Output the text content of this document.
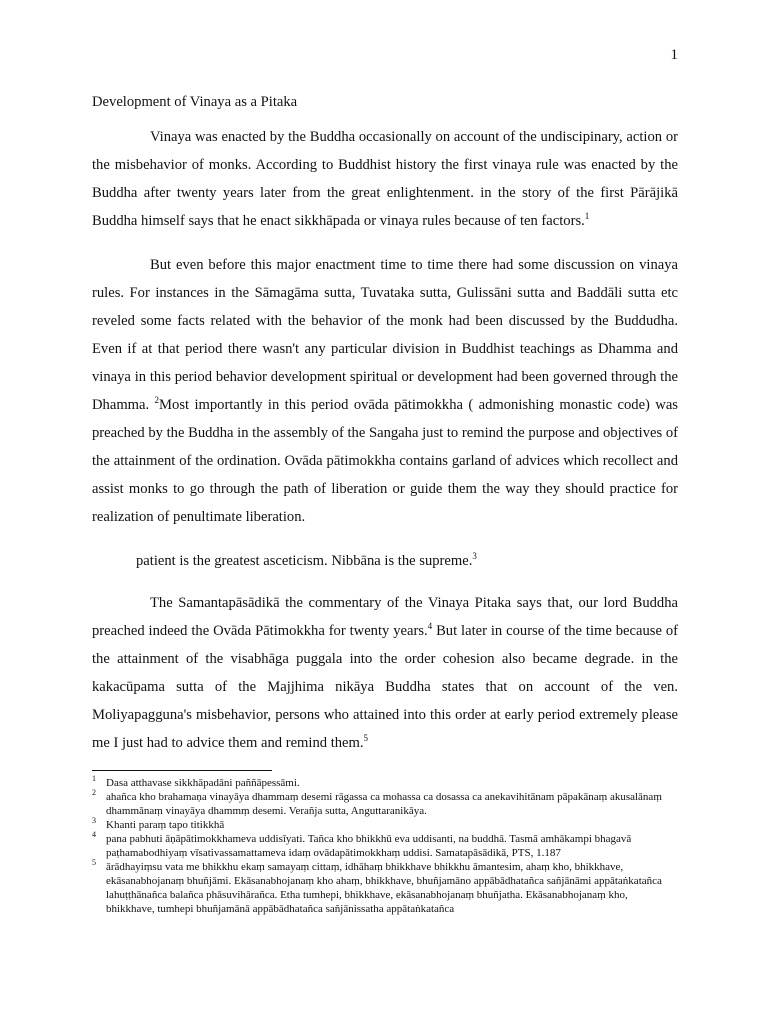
1

Development of Vinaya as a Pitaka

Vinaya was enacted by the Buddha occasionally on account of the undiscipinary, action or the misbehavior of monks. According to Buddhist history the first vinaya rule was enacted by the Buddha after twenty years later from the great enlightenment. in the story of the first Pārājikā Buddha himself says that he enact sikkhāpada or vinaya rules because of ten factors.$^1$

But even before this major enactment time to time there had some discussion on vinaya rules. For instances in the Sāmagāma sutta, Tuvataka sutta, Gulissāni sutta and Baddāli sutta etc reveled some facts related with the behavior of the monk had been discussed by the Buddudha. Even if at that period there wasn't any particular division in Buddhist teachings as Dhamma and vinaya in this period behavior development spiritual or development had been governed through the Dhamma. $^2$Most importantly in this period ovāda pātimokkha ( admonishing monastic code) was preached by the Buddha in the assembly of the Sangaha just to remind the purpose and objectives of the attainment of the ordination. Ovāda pātimokkha contains garland of advices which recollect and assist monks to go through the path of liberation or guide them the way they should practice for realization of penultimate liberation.

patient is the greatest asceticism. Nibbāna is the supreme.$^3$

The Samantapāsādikā the commentary of the Vinaya Pitaka says that, our lord Buddha preached indeed the Ovāda Pātimokkha for twenty years.$^4$ But later in course of the time because of the attainment of the visabhāga puggala into the order cohesion also became degrade. in the kakacūpama sutta of the Majjhima nikāya Buddha states that on account of the ven. Moliyapagguna's misbehavior, persons who attained into this order at early period extremely please me I just had to advice them and remind them.$^5$

$^1$ Dasa atthavase sikkhāpadāni paññāpessāmi.

$^2$ ahañca kho brahamaṇa vinayāya dhammaṃ desemi rāgassa ca mohassa ca dosassa ca anekavihitānam pāpakānaṃ akusalānaṃ dhammānaṃ vinayāya dhammṃ desemi. Verañja sutta, Anguttaranikāya.

$^3$ Khanti paraṃ tapo titikkhā

$^4$ pana pabhuti āṇāpātimokkhameva uddisīyati. Tañca kho bhikkhū eva uddisanti, na buddhā. Tasmā amhākampi bhagavā paṭhamabodhiyaṃ vīsativassamattameva idaṃ ovādapātimokkhaṃ uddisi. Samatapāsādikā, PTS, 1.187

$^5$ ārādhayiṃsu vata me bhikkhu ekaṃ samayaṃ cittaṃ, idhāhaṃ bhikkhave bhikkhu āmantesim, ahaṃ kho, bhikkhave, ekāsanabhojanaṃ bhuñjāmi. Ekāsanabhojanaṃ kho ahaṃ, bhikkhave, bhuñjamāno appābādhatañca sañjānāmi appātaṅkatañca lahuṭṭhānañca balañca phāsuvihārañca. Etha tumhepi, bhikkhave, ekāsanabhojanaṃ bhuñjatha. Ekāsanabhojanaṃ kho, bhikkhave, tumhepi bhuñjamānā appābādhatañca sañjānissatha appātaṅkatañca
